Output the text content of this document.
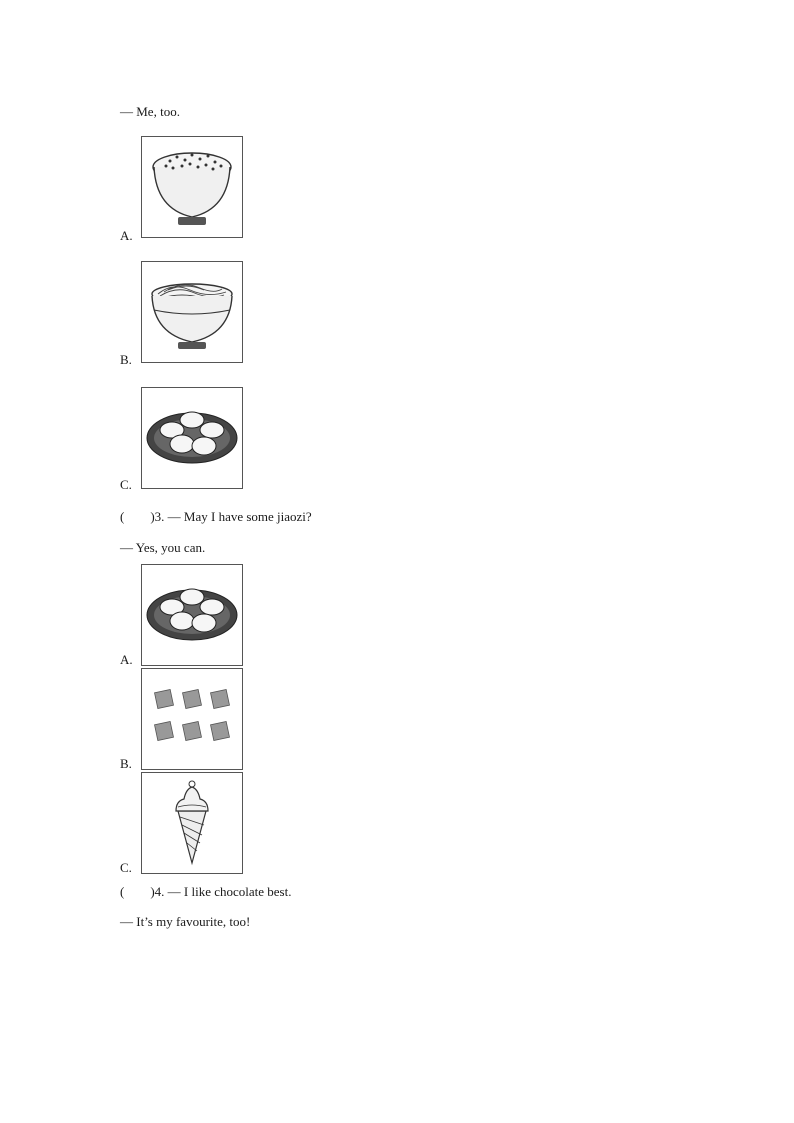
— Me, too.
A.
B.
C.
(        )3. — May I have some jiaozi?
— Yes, you can.
A.
B.
C.
(        )4. — I like chocolate best.
— It’s my favourite, too!
